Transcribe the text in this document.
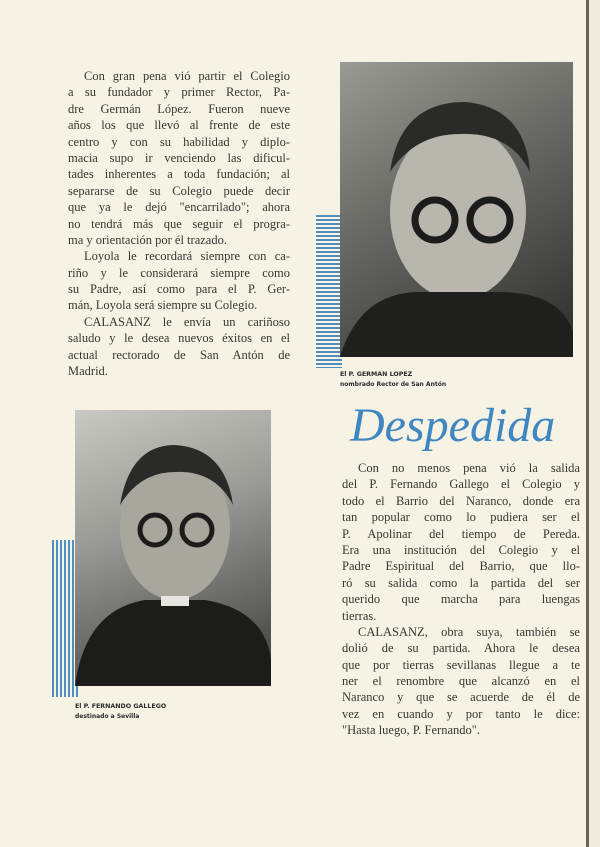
Con gran pena vió partir el Colegio
a su fundador y primer Rector, Pa-
dre Germán López. Fueron nueve
años los que llevó al frente de este
centro y con su habilidad y diplo-
macia supo ir venciendo las dificul-
tades inherentes a toda fundación; al
separarse de su Colegio puede decir
que ya le dejó "encarrilado"; ahora
no tendrá más que seguir el progra-
ma y orientación por él trazado.
Loyola le recordará siempre con ca-
riño y le considerará siempre como
su Padre, así como para el P. Ger-
mán, Loyola será siempre su Colegio.
CALASANZ le envía un cariñoso
saludo y le desea nuevos éxitos en el
actual rectorado de San Antón de
Madrid.	El P. GERMAN LOPEZ
nombrado Rector de San Antón
Despedida
Con no menos pena vió la salida
del P. Fernando Gallego el Colegio y
todo el Barrio del Naranco, donde era
tan popular como lo pudiera ser el
P. Apolinar del tiempo de Pereda.
Era una institución del Colegio y el
Padre Espiritual del Barrio, que llo-
ró su salida como la partida del ser
querido que marcha para luengas
tierras.
CALASANZ, obra suya, también se
dolió de su partida. Ahora le desea
que por tierras sevillanas llegue a te
ner el renombre que alcanzó en el
Naranco y que se acuerde de él de
vez en cuando y por tanto le dice:
"Hasta luego, P. Fernando".
El P. FERNANDO GALLEGO
destinado a Sevilla
